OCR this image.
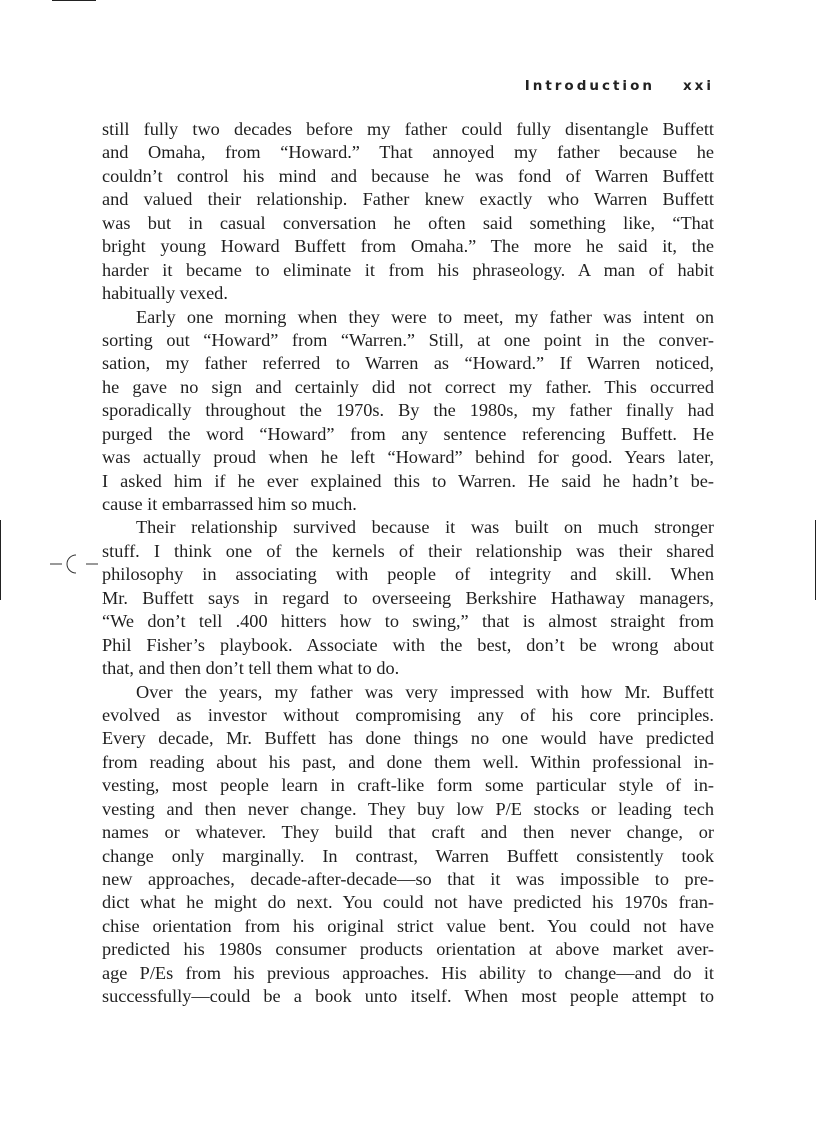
Introduction xxi
still fully two decades before my father could fully disentangle Buffett
and Omaha, from “Howard.” That annoyed my father because he
couldn’t control his mind and because he was fond of Warren Buffett
and valued their relationship. Father knew exactly who Warren Buffett
was but in casual conversation he often said something like, “That
bright young Howard Buffett from Omaha.” The more he said it, the
harder it became to eliminate it from his phraseology. A man of habit
habitually vexed.
Early one morning when they were to meet, my father was intent on
sorting out “Howard” from “Warren.” Still, at one point in the conver-
sation, my father referred to Warren as “Howard.” If Warren noticed,
he gave no sign and certainly did not correct my father. This occurred
sporadically throughout the 1970s. By the 1980s, my father finally had
purged the word “Howard” from any sentence referencing Buffett. He
was actually proud when he left “Howard” behind for good. Years later,
I asked him if he ever explained this to Warren. He said he hadn’t be-
cause it embarrassed him so much.
Their relationship survived because it was built on much stronger
stuff. I think one of the kernels of their relationship was their shared
philosophy in associating with people of integrity and skill. When
Mr. Buffett says in regard to overseeing Berkshire Hathaway managers,
“We don’t tell .400 hitters how to swing,” that is almost straight from
Phil Fisher’s playbook. Associate with the best, don’t be wrong about
that, and then don’t tell them what to do.
Over the years, my father was very impressed with how Mr. Buffett
evolved as investor without compromising any of his core principles.
Every decade, Mr. Buffett has done things no one would have predicted
from reading about his past, and done them well. Within professional in-
vesting, most people learn in craft-like form some particular style of in-
vesting and then never change. They buy low P/E stocks or leading tech
names or whatever. They build that craft and then never change, or
change only marginally. In contrast, Warren Buffett consistently took
new approaches, decade-after-decade—so that it was impossible to pre-
dict what he might do next. You could not have predicted his 1970s fran-
chise orientation from his original strict value bent. You could not have
predicted his 1980s consumer products orientation at above market aver-
age P/Es from his previous approaches. His ability to change—and do it
successfully—could be a book unto itself. When most people attempt to
